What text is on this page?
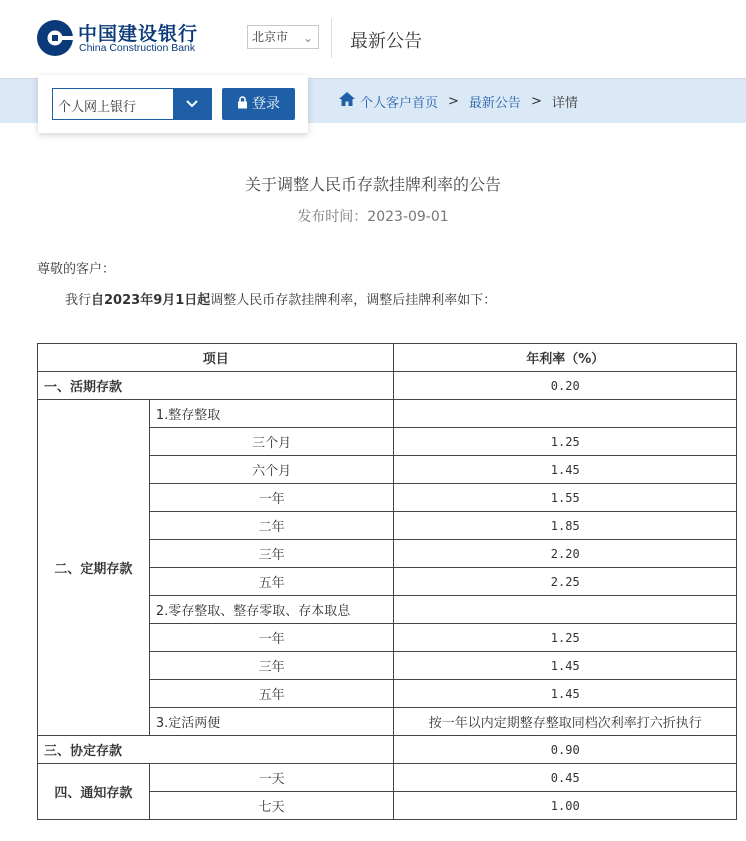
中国建设银行
China Construction Bank
北京市 ⌄ 最新公告
个人网上银行	登录	个人客户首页 > 最新公告 > 详情
关于调整人民币存款挂牌利率的公告
发布时间：2023-09-01
尊敬的客户：
我行自2023年9月1日起调整人民币存款挂牌利率，调整后挂牌利率如下：
项目		年利率（%）
一、活期存款		0.20
二、定期存款	1.整存整取	
	三个月	1.25
	六个月	1.45
	一年	1.55
	二年	1.85
	三年	2.20
	五年	2.25
	2.零存整取、整存零取、存本取息	
	一年	1.25
	三年	1.45
	五年	1.45
	3.定活两便	按一年以内定期整存整取同档次利率打六折执行
三、协定存款		0.90
四、通知存款	一天	0.45
	七天	1.00
